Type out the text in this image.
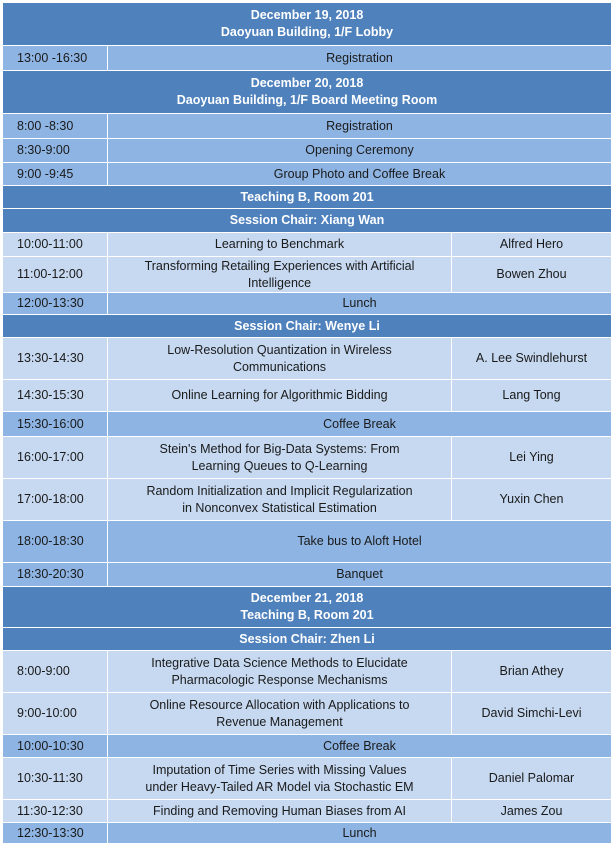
December 19, 2018
Daoyuan Building, 1/F Lobby		
13:00 -16:30	Registration	
December 20, 2018
Daoyuan Building, 1/F Board Meeting Room		
8:00 -8:30	Registration	
8:30-9:00	Opening Ceremony	
9:00 -9:45	Group Photo and Coffee Break	
Teaching B, Room 201		
Session Chair: Xiang Wan		
10:00-11:00	Learning to Benchmark	Alfred Hero
11:00-12:00	Transforming Retailing Experiences with Artificial
Intelligence	Bowen Zhou
12:00-13:30	Lunch	
Session Chair: Wenye Li		
13:30-14:30	Low-Resolution Quantization in Wireless
Communications	A. Lee Swindlehurst
14:30-15:30	Online Learning for Algorithmic Bidding	Lang Tong
15:30-16:00	Coffee Break	
16:00-17:00	Stein's Method for Big-Data Systems: From
Learning Queues to Q-Learning	Lei Ying
17:00-18:00	Random Initialization and Implicit Regularization
in Nonconvex Statistical Estimation	Yuxin Chen
18:00-18:30	Take bus to Aloft Hotel	
18:30-20:30	Banquet	
December 21, 2018
Teaching B, Room 201		
Session Chair: Zhen Li		
8:00-9:00	Integrative Data Science Methods to Elucidate
Pharmacologic Response Mechanisms	Brian Athey
9:00-10:00	Online Resource Allocation with Applications to
Revenue Management	David Simchi-Levi
10:00-10:30	Coffee Break	
10:30-11:30	Imputation of Time Series with Missing Values
under Heavy-Tailed AR Model via Stochastic EM	Daniel Palomar
11:30-12:30	Finding and Removing Human Biases from AI	James Zou
12:30-13:30	Lunch	
